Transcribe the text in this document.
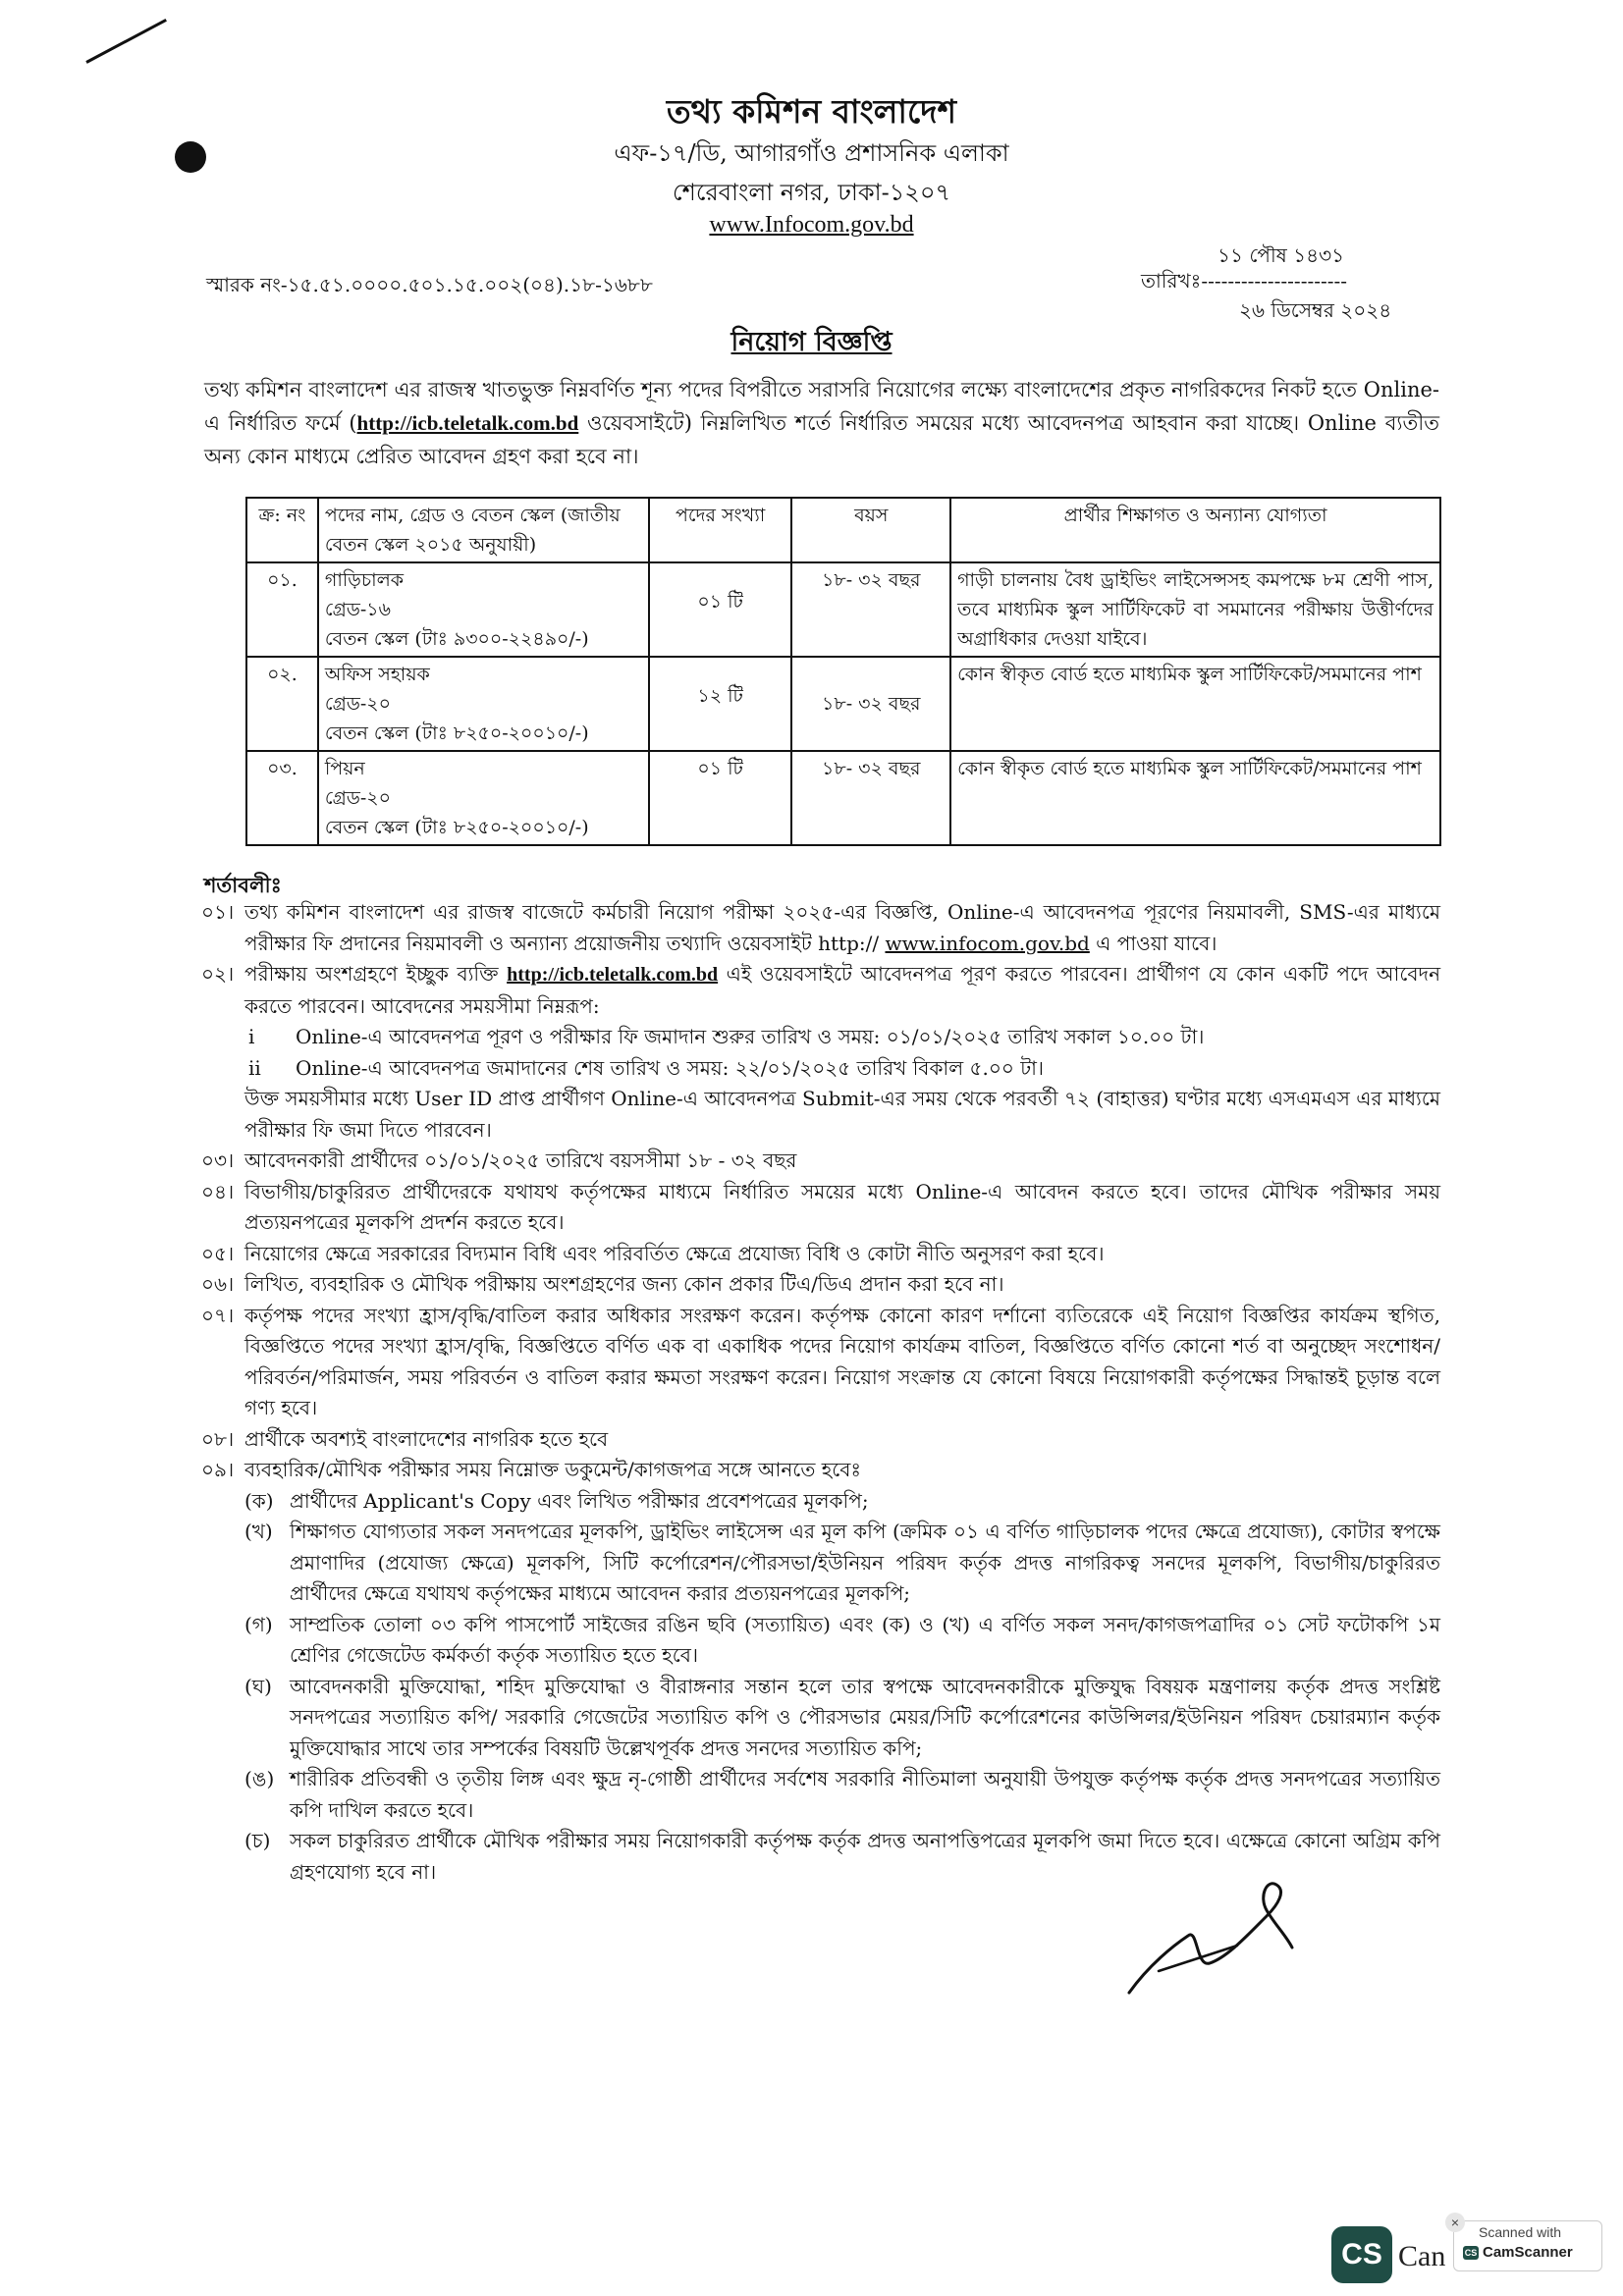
তথ্য কমিশন বাংলাদেশ
এফ-১৭/ডি, আগারগাঁও প্রশাসনিক এলাকা
শেরেবাংলা নগর, ঢাকা-১২০৭
www.Infocom.gov.bd
স্মারক নং-১৫.৫১.০০০০.৫০১.১৫.০০২(০৪).১৮-১৬৮৮
১১ পৌষ ১৪৩১
তারিখঃ----------------------
২৬ ডিসেম্বর ২০২৪
নিয়োগ বিজ্ঞপ্তি
তথ্য কমিশন বাংলাদেশ এর রাজস্ব খাতভুক্ত নিম্নবর্ণিত শূন্য পদের বিপরীতে সরাসরি নিয়োগের লক্ষ্যে বাংলাদেশের প্রকৃত নাগরিকদের নিকট হতে Online-এ নির্ধারিত ফর্মে (http://icb.teletalk.com.bd ওয়েবসাইটে) নিম্নলিখিত শর্তে নির্ধারিত সময়ের মধ্যে আবেদনপত্র আহবান করা যাচ্ছে। Online ব্যতীত অন্য কোন মাধ্যমে প্রেরিত আবেদন গ্রহণ করা হবে না।
ক্র: নং	পদের নাম, গ্রেড ও বেতন স্কেল (জাতীয় বেতন স্কেল ২০১৫ অনুযায়ী)	পদের সংখ্যা	বয়স	প্রার্থীর শিক্ষাগত ও অন্যান্য যোগ্যতা
০১.	গাড়িচালক
গ্রেড-১৬
বেতন স্কেল (টাঃ ৯৩০০-২২৪৯০/-)	০১ টি	১৮- ৩২ বছর	গাড়ী চালনায় বৈধ ড্রাইভিং লাইসেন্সসহ কমপক্ষে ৮ম শ্রেণী পাস, তবে মাধ্যমিক স্কুল সার্টিফিকেট বা সমমানের পরীক্ষায় উত্তীর্ণদের অগ্রাধিকার দেওয়া যাইবে।
০২.	অফিস সহায়ক
গ্রেড-২০
বেতন স্কেল (টাঃ ৮২৫০-২০০১০/-)	১২ টি	১৮- ৩২ বছর	কোন স্বীকৃত বোর্ড হতে মাধ্যমিক স্কুল সার্টিফিকেট/সমমানের পাশ
০৩.	পিয়ন
গ্রেড-২০
বেতন স্কেল (টাঃ ৮২৫০-২০০১০/-)	০১ টি	১৮- ৩২ বছর	কোন স্বীকৃত বোর্ড হতে মাধ্যমিক স্কুল সার্টিফিকেট/সমমানের পাশ
শর্তাবলীঃ
০১। তথ্য কমিশন বাংলাদেশ এর রাজস্ব বাজেটে কর্মচারী নিয়োগ পরীক্ষা ২০২৫-এর বিজ্ঞপ্তি, Online-এ আবেদনপত্র পূরণের নিয়মাবলী, SMS-এর মাধ্যমে পরীক্ষার ফি প্রদানের নিয়মাবলী ও অন্যান্য প্রয়োজনীয় তথ্যাদি ওয়েবসাইট http:// www.infocom.gov.bd এ পাওয়া যাবে।
০২। পরীক্ষায় অংশগ্রহণে ইচ্ছুক ব্যক্তি http://icb.teletalk.com.bd এই ওয়েবসাইটে আবেদনপত্র পূরণ করতে পারবেন। প্রার্থীগণ যে কোন একটি পদে আবেদন করতে পারবেন। আবেদনের সময়সীমা নিম্নরূপ:
i	Online-এ আবেদনপত্র পূরণ ও পরীক্ষার ফি জমাদান শুরুর তারিখ ও সময়: ০১/০১/২০২৫ তারিখ সকাল ১০.০০ টা।
ii	Online-এ আবেদনপত্র জমাদানের শেষ তারিখ ও সময়: ২২/০১/২০২৫ তারিখ বিকাল ৫.০০ টা।
উক্ত সময়সীমার মধ্যে User ID প্রাপ্ত প্রার্থীগণ Online-এ আবেদনপত্র Submit-এর সময় থেকে পরবর্তী ৭২ (বাহাত্তর) ঘণ্টার মধ্যে এসএমএস এর মাধ্যমে পরীক্ষার ফি জমা দিতে পারবেন।
০৩। আবেদনকারী প্রার্থীদের ০১/০১/২০২৫ তারিখে বয়সসীমা ১৮ - ৩২ বছর
০৪। বিভাগীয়/চাকুরিরত প্রার্থীদেরকে যথাযথ কর্তৃপক্ষের মাধ্যমে নির্ধারিত সময়ের মধ্যে Online-এ আবেদন করতে হবে। তাদের মৌখিক পরীক্ষার সময় প্রত্যয়নপত্রের মূলকপি প্রদর্শন করতে হবে।
০৫। নিয়োগের ক্ষেত্রে সরকারের বিদ্যমান বিধি এবং পরিবর্তিত ক্ষেত্রে প্রযোজ্য বিধি ও কোটা নীতি অনুসরণ করা হবে।
০৬। লিখিত, ব্যবহারিক ও মৌখিক পরীক্ষায় অংশগ্রহণের জন্য কোন প্রকার টিএ/ডিএ প্রদান করা হবে না।
০৭। কর্তৃপক্ষ পদের সংখ্যা হ্রাস/বৃদ্ধি/বাতিল করার অধিকার সংরক্ষণ করেন। কর্তৃপক্ষ কোনো কারণ দর্শানো ব্যতিরেকে এই নিয়োগ বিজ্ঞপ্তির কার্যক্রম স্থগিত, বিজ্ঞপ্তিতে পদের সংখ্যা হ্রাস/বৃদ্ধি, বিজ্ঞপ্তিতে বর্ণিত এক বা একাধিক পদের নিয়োগ কার্যক্রম বাতিল, বিজ্ঞপ্তিতে বর্ণিত কোনো শর্ত বা অনুচ্ছেদ সংশোধন/পরিবর্তন/পরিমার্জন, সময় পরিবর্তন ও বাতিল করার ক্ষমতা সংরক্ষণ করেন। নিয়োগ সংক্রান্ত যে কোনো বিষয়ে নিয়োগকারী কর্তৃপক্ষের সিদ্ধান্তই চূড়ান্ত বলে গণ্য হবে।
০৮। প্রার্থীকে অবশ্যই বাংলাদেশের নাগরিক হতে হবে
০৯। ব্যবহারিক/মৌখিক পরীক্ষার সময় নিম্নোক্ত ডকুমেন্ট/কাগজপত্র সঙ্গে আনতে হবেঃ
(ক) প্রার্থীদের Applicant's Copy এবং লিখিত পরীক্ষার প্রবেশপত্রের মূলকপি;
(খ) শিক্ষাগত যোগ্যতার সকল সনদপত্রের মূলকপি, ড্রাইভিং লাইসেন্স এর মূল কপি (ক্রমিক ০১ এ বর্ণিত গাড়িচালক পদের ক্ষেত্রে প্রযোজ্য), কোটার স্বপক্ষে প্রমাণাদির (প্রযোজ্য ক্ষেত্রে) মূলকপি, সিটি কর্পোরেশন/পৌরসভা/ইউনিয়ন পরিষদ কর্তৃক প্রদত্ত নাগরিকত্ব সনদের মূলকপি, বিভাগীয়/চাকুরিরত প্রার্থীদের ক্ষেত্রে যথাযথ কর্তৃপক্ষের মাধ্যমে আবেদন করার প্রত্যয়নপত্রের মূলকপি;
(গ) সাম্প্রতিক তোলা ০৩ কপি পাসপোর্ট সাইজের রঙিন ছবি (সত্যায়িত) এবং (ক) ও (খ) এ বর্ণিত সকল সনদ/কাগজপত্রাদির ০১ সেট ফটোকপি ১ম শ্রেণির গেজেটেড কর্মকর্তা কর্তৃক সত্যায়িত হতে হবে।
(ঘ) আবেদনকারী মুক্তিযোদ্ধা, শহিদ মুক্তিযোদ্ধা ও বীরাঙ্গনার সন্তান হলে তার স্বপক্ষে আবেদনকারীকে মুক্তিযুদ্ধ বিষয়ক মন্ত্রণালয় কর্তৃক প্রদত্ত সংশ্লিষ্ট সনদপত্রের সত্যায়িত কপি/ সরকারি গেজেটের সত্যায়িত কপি ও পৌরসভার মেয়র/সিটি কর্পোরেশনের কাউন্সিলর/ইউনিয়ন পরিষদ চেয়ারম্যান কর্তৃক মুক্তিযোদ্ধার সাথে তার সম্পর্কের বিষয়টি উল্লেখপূর্বক প্রদত্ত সনদের সত্যায়িত কপি;
(ঙ) শারীরিক প্রতিবন্ধী ও তৃতীয় লিঙ্গ এবং ক্ষুদ্র নৃ-গোষ্ঠী প্রার্থীদের সর্বশেষ সরকারি নীতিমালা অনুযায়ী উপযুক্ত কর্তৃপক্ষ কর্তৃক প্রদত্ত সনদপত্রের সত্যায়িত কপি দাখিল করতে হবে।
(চ) সকল চাকুরিরত প্রার্থীকে মৌখিক পরীক্ষার সময় নিয়োগকারী কর্তৃপক্ষ কর্তৃক প্রদত্ত অনাপত্তিপত্রের মূলকপি জমা দিতে হবে। এক্ষেত্রে কোনো অগ্রিম কপি গ্রহণযোগ্য হবে না।
CS Can
×
Scanned with
CS CamScanner
